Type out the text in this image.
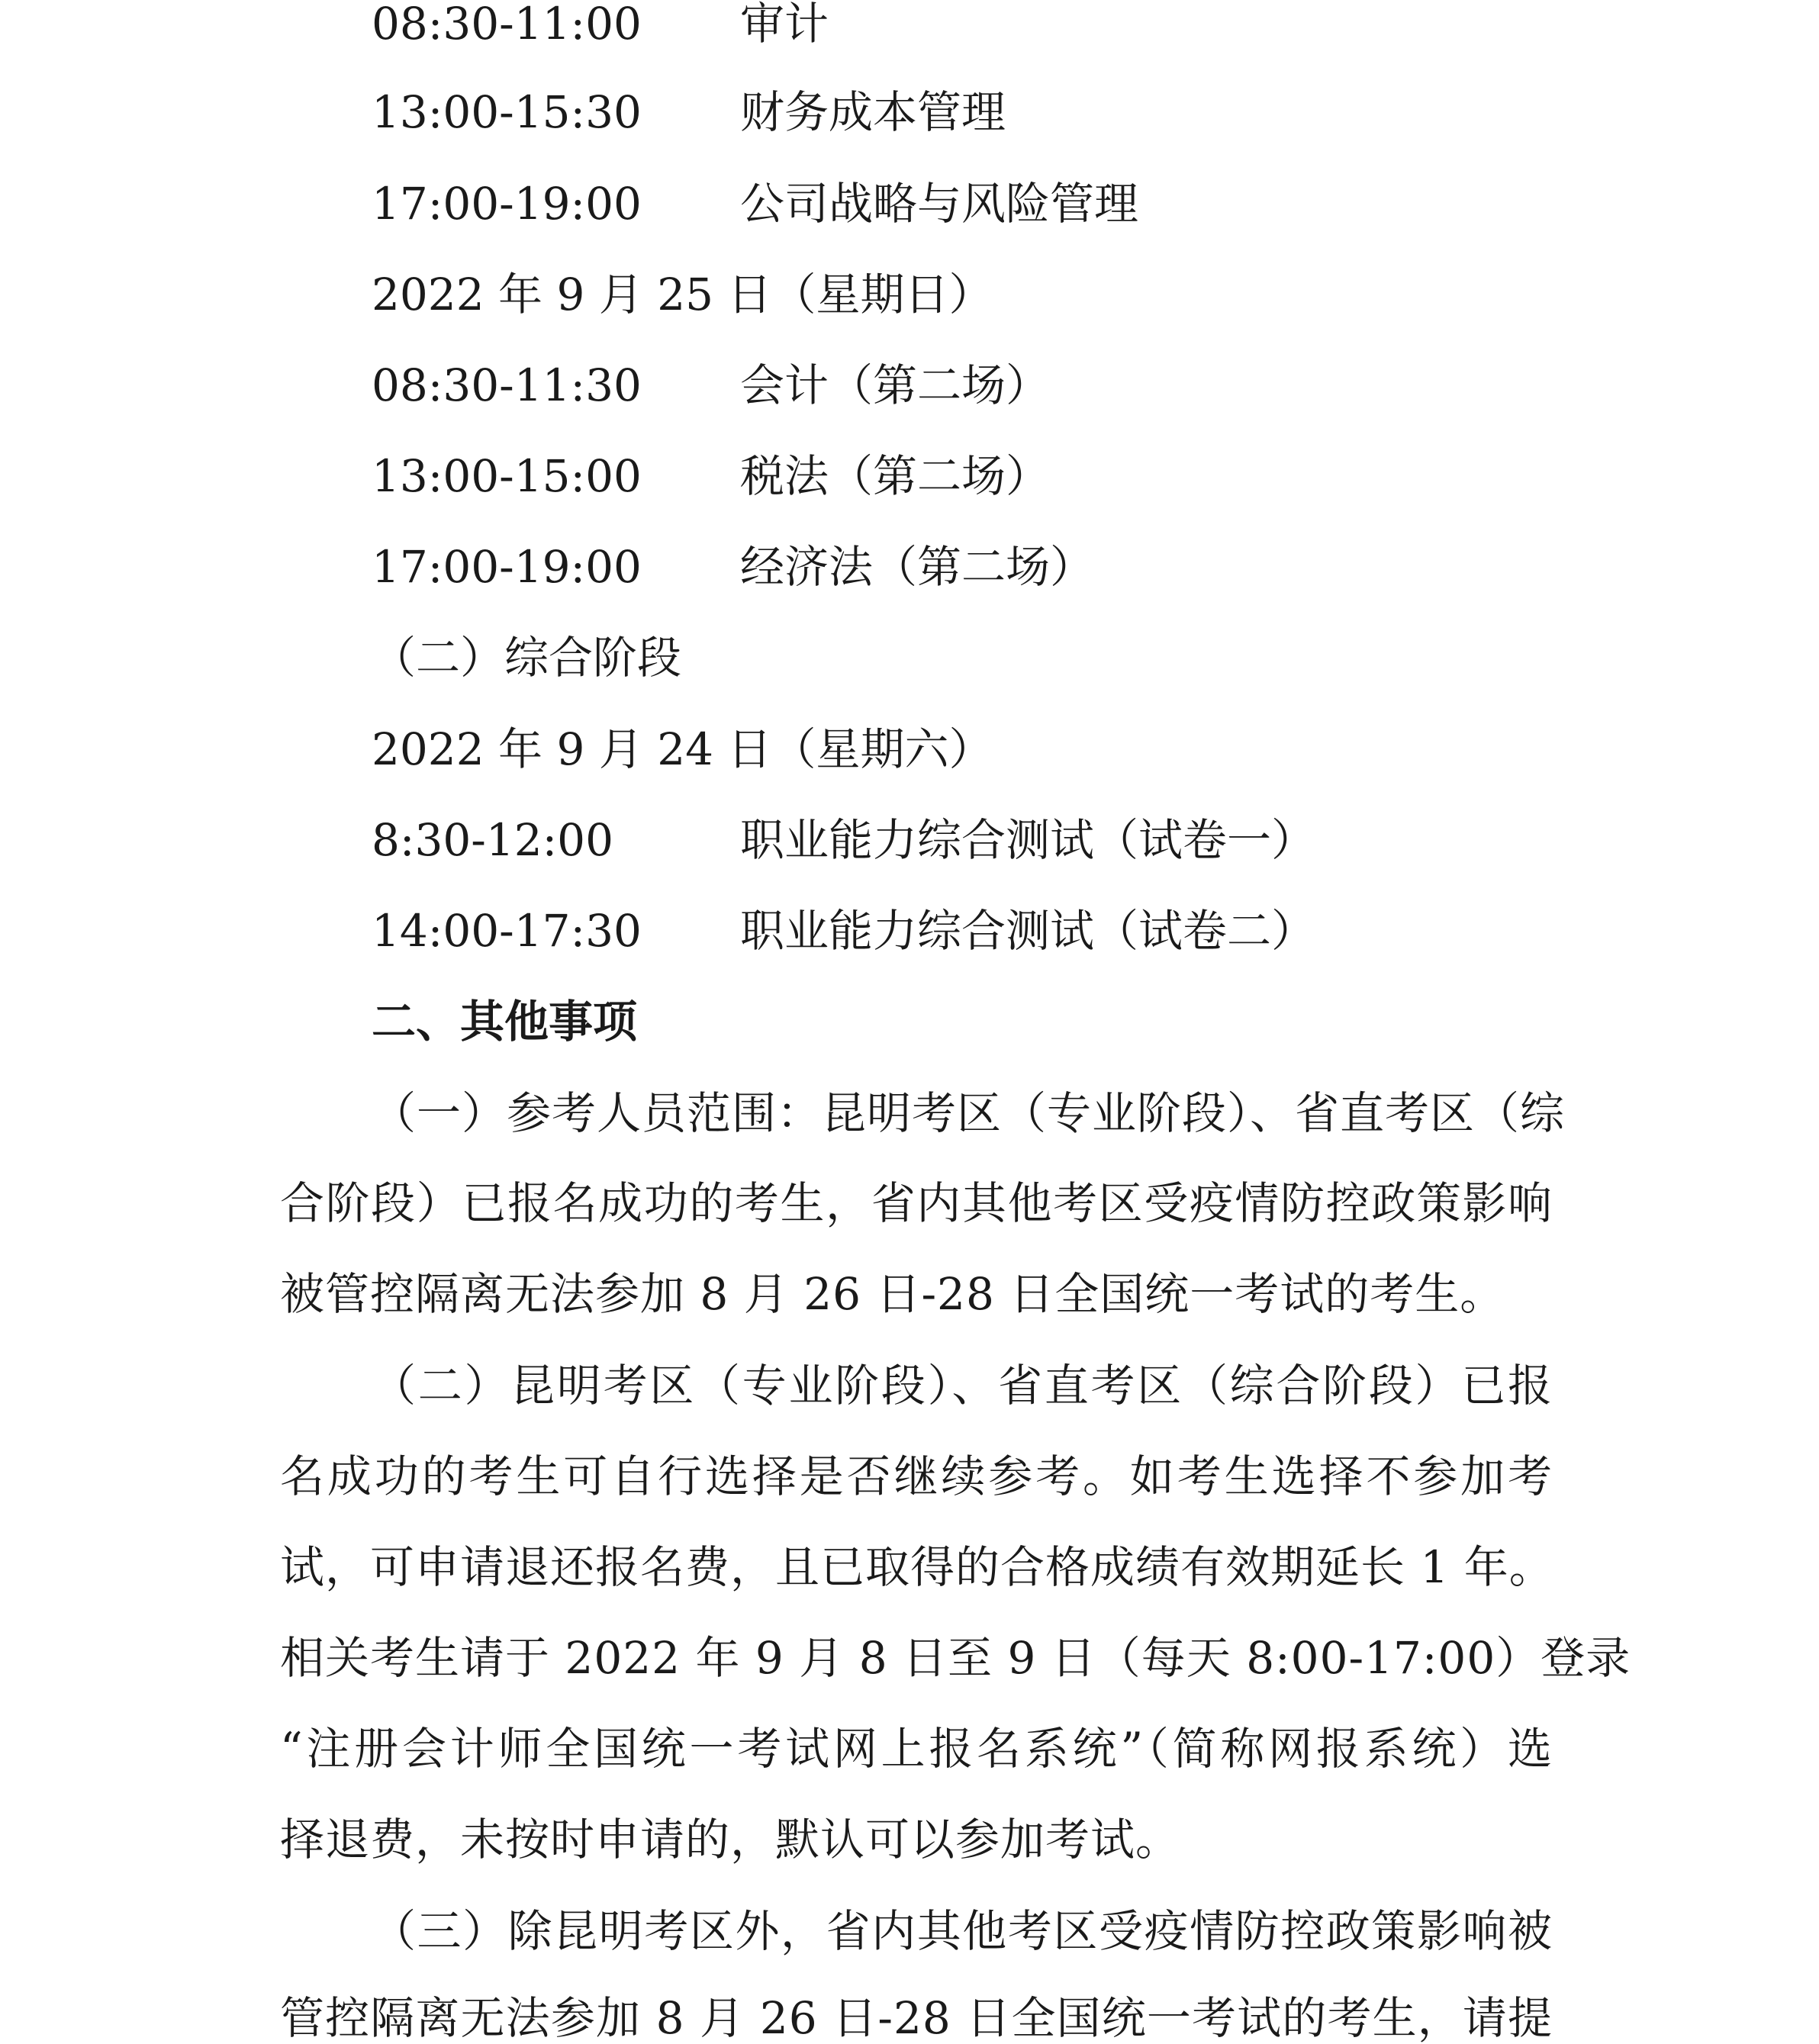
08:30-11:00 审计
13:00-15:30 财务成本管理
17:00-19:00 公司战略与风险管理
2022 年 9 月 25 日（星期日）
08:30-11:30 会计（第二场）
13:00-15:00 税法（第二场）
17:00-19:00 经济法（第二场）
（二）综合阶段
2022 年 9 月 24 日（星期六）
8:30-12:00	职业能力综合测试（试卷一）
14:00-17:30 职业能力综合测试（试卷二）
二、其他事项
（一）参考人员范围：昆明考区（专业阶段）、省直考区（综
合阶段）已报名成功的考生，省内其他考区受疫情防控政策影响
被管控隔离无法参加 8 月 26 日-28 日全国统一考试的考生。
（二）昆明考区（专业阶段）、省直考区（综合阶段）已报
名成功的考生可自行选择是否继续参考。如考生选择不参加考
试，可申请退还报名费，且已取得的合格成绩有效期延长 1 年。
相关考生请于 2022 年 9 月 8 日至 9 日（每天 8:00-17:00）登录
“注册会计师全国统一考试网上报名系统”（简称网报系统）选
择退费，未按时申请的，默认可以参加考试。
（三）除昆明考区外，省内其他考区受疫情防控政策影响被
管控隔离无法参加 8 月 26 日-28 日全国统一考试的考生，请提
